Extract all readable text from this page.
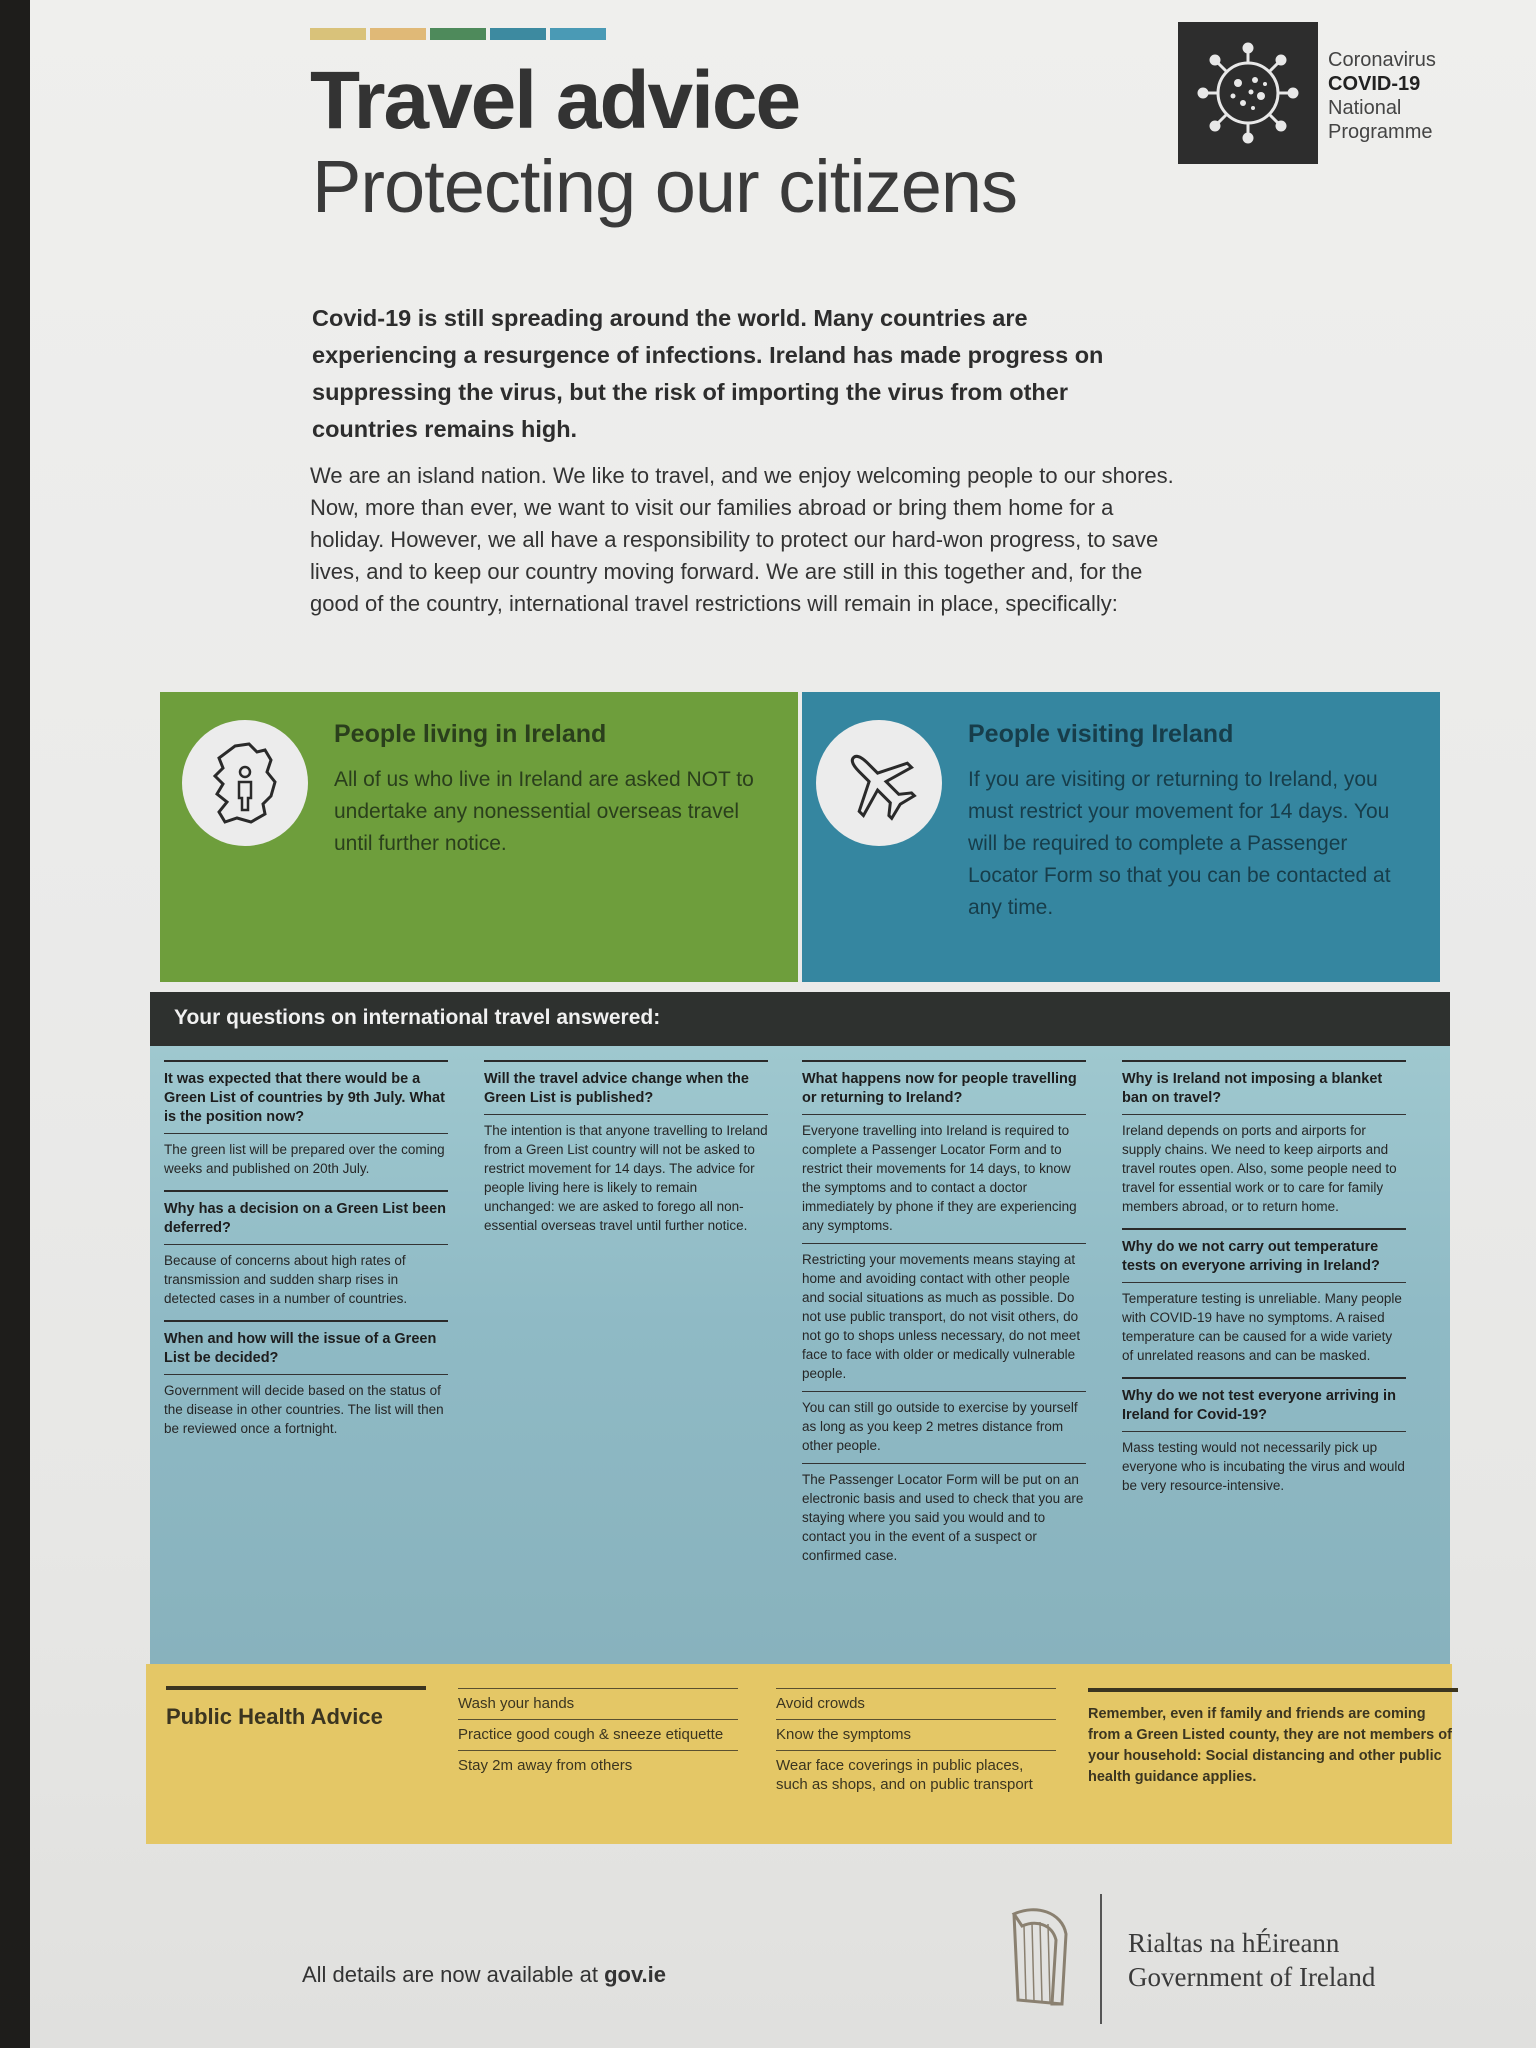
Travel advice
Protecting our citizens
Coronavirus
COVID-19
National
Programme
Covid-19 is still spreading around the world. Many countries are experiencing a resurgence of infections. Ireland has made progress on suppressing the virus, but the risk of importing the virus from other countries remains high.
We are an island nation. We like to travel, and we enjoy welcoming people to our shores. Now, more than ever, we want to visit our families abroad or bring them home for a holiday. However, we all have a responsibility to protect our hard-won progress, to save lives, and to keep our country moving forward. We are still in this together and, for the good of the country, international travel restrictions will remain in place, specifically:
People living in Ireland

All of us who live in Ireland are asked NOT to undertake any nonessential overseas travel until further notice.

People visiting Ireland

If you are visiting or returning to Ireland, you must restrict your movement for 14 days. You will be required to complete a Passenger Locator Form so that you can be contacted at any time.

Your questions on international travel answered:
It was expected that there would be a Green List of countries by 9th July. What is the position now?
The green list will be prepared over the coming weeks and published on 20th July.
Why has a decision on a Green List been deferred?
Because of concerns about high rates of transmission and sudden sharp rises in detected cases in a number of countries.
When and how will the issue of a Green List be decided?
Government will decide based on the status of the disease in other countries. The list will then be reviewed once a fortnight.
Will the travel advice change when the Green List is published?
The intention is that anyone travelling to Ireland from a Green List country will not be asked to restrict movement for 14 days. The advice for people living here is likely to remain unchanged: we are asked to forego all non-essential overseas travel until further notice.
What happens now for people travelling or returning to Ireland?
Everyone travelling into Ireland is required to complete a Passenger Locator Form and to restrict their movements for 14 days, to know the symptoms and to contact a doctor immediately by phone if they are experiencing any symptoms.
Restricting your movements means staying at home and avoiding contact with other people and social situations as much as possible. Do not use public transport, do not visit others, do not go to shops unless necessary, do not meet face to face with older or medically vulnerable people.
You can still go outside to exercise by yourself as long as you keep 2 metres distance from other people.
The Passenger Locator Form will be put on an electronic basis and used to check that you are staying where you said you would and to contact you in the event of a suspect or confirmed case.
Why is Ireland not imposing a blanket ban on travel?
Ireland depends on ports and airports for supply chains. We need to keep airports and travel routes open. Also, some people need to travel for essential work or to care for family members abroad, or to return home.
Why do we not carry out temperature tests on everyone arriving in Ireland?
Temperature testing is unreliable. Many people with COVID-19 have no symptoms. A raised temperature can be caused for a wide variety of unrelated reasons and can be masked.
Why do we not test everyone arriving in Ireland for Covid-19?
Mass testing would not necessarily pick up everyone who is incubating the virus and would be very resource-intensive.
Public Health Advice
Wash your hands
Practice good cough & sneeze etiquette
Stay 2m away from others
Avoid crowds
Know the symptoms
Wear face coverings in public places, such as shops, and on public transport
Remember, even if family and friends are coming from a Green Listed county, they are not members of your household: Social distancing and other public health guidance applies.
All details are now available at gov.ie
Rialtas na hÉireann
Government of Ireland
